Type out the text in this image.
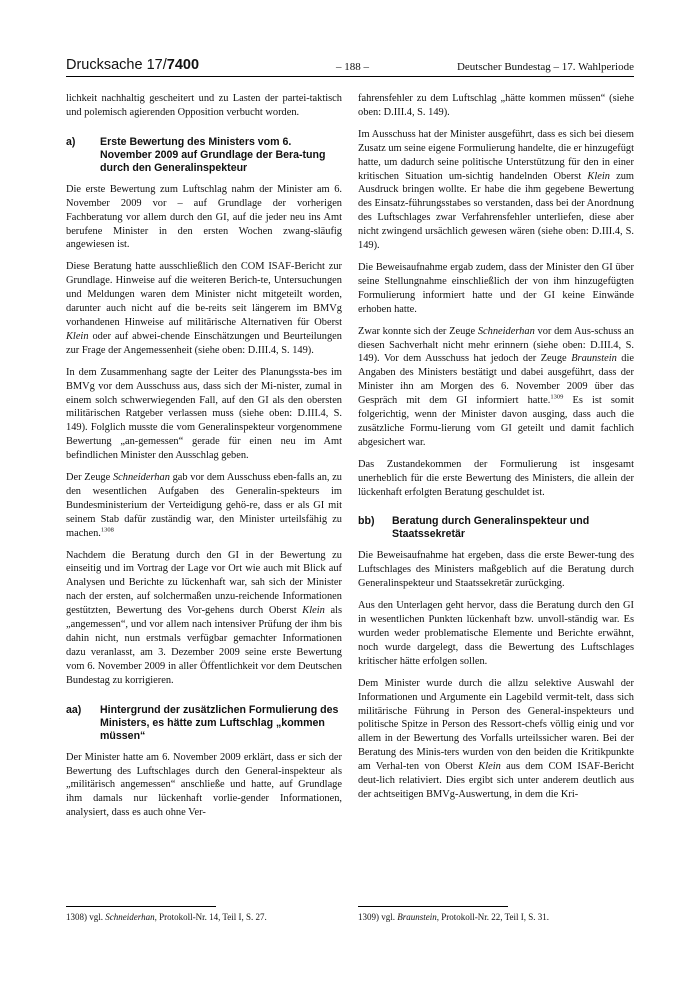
Drucksache 17/7400	– 188 –	Deutscher Bundestag – 17. Wahlperiode

lichkeit nachhaltig gescheitert und zu Lasten der partei-taktisch und polemisch agierenden Opposition verbucht worden.

a)	Erste Bewertung des Ministers vom 6. November 2009 auf Grundlage der Bera-tung durch den Generalinspekteur

Die erste Bewertung zum Luftschlag nahm der Minister am 6. November 2009 vor – auf Grundlage der vorherigen Fachberatung vor allem durch den GI, auf die jeder neu ins Amt berufene Minister in den ersten Wochen zwang-släufig angewiesen ist.

Diese Beratung hatte ausschließlich den COM ISAF-Bericht zur Grundlage. Hinweise auf die weiteren Berich-te, Untersuchungen und Meldungen waren dem Minister nicht mitgeteilt worden, darunter auch nicht auf die be-reits seit längerem im BMVg vorhandenen Hinweise auf militärische Alternativen für Oberst Klein oder auf abwei-chende Einschätzungen und Beurteilungen zur Frage der Angemessenheit (siehe oben: D.III.4, S. 149).

In dem Zusammenhang sagte der Leiter des Planungssta-bes im BMVg vor dem Ausschuss aus, dass sich der Mi-nister, zumal in einem solch schwerwiegenden Fall, auf den GI als den obersten militärischen Ratgeber verlassen muss (siehe oben: D.III.4, S. 149). Folglich musste die vom Generalinspekteur vorgenommene Bewertung „an-gemessen“ gerade für einen neu im Amt befindlichen Minister den Ausschlag geben.

Der Zeuge Schneiderhan gab vor dem Ausschuss eben-falls an, zu den wesentlichen Aufgaben des Generalin-spekteurs im Bundesministerium der Verteidigung gehö-re, dass er als GI mit seinem Stab dafür zuständig war, den Minister urteilsfähig zu machen.$^{1308}$

Nachdem die Beratung durch den GI in der Bewertung zu einseitig und im Vortrag der Lage vor Ort wie auch mit Blick auf Analysen und Berichte zu lückenhaft war, sah sich der Minister nach der ersten, auf solchermaßen unzu-reichende Informationen gestützten, Bewertung des Vor-gehens durch Oberst Klein als „angemessen“, und vor allem nach intensiver Prüfung der ihm bis dahin nicht, nun erstmals verfügbar gemachter Informationen dazu veranlasst, am 3. Dezember 2009 seine erste Bewertung vom 6. November 2009 in aller Öffentlichkeit vor dem Deutschen Bundestag zu korrigieren.

aa)	Hintergrund der zusätzlichen Formulierung des Ministers, es hätte zum Luftschlag „kommen müssen“

Der Minister hatte am 6. November 2009 erklärt, dass er sich der Bewertung des Luftschlages durch den General-inspekteur als „militärisch angemessen“ anschließe und hatte, auf Grundlage ihm damals nur lückenhaft vorlie-gender Informationen, analysiert, dass es auch ohne Ver-

fahrensfehler zu dem Luftschlag „hätte kommen müssen“ (siehe oben: D.III.4, S. 149).

Im Ausschuss hat der Minister ausgeführt, dass es sich bei diesem Zusatz um seine eigene Formulierung handelte, die er hinzugefügt hatte, um dadurch seine politische Unterstützung für den in einer kritischen Situation um-sichtig handelnden Oberst Klein zum Ausdruck bringen wollte. Er habe die ihm gegebene Bewertung des Einsatz-führungsstabes so verstanden, dass bei der Anordnung des Luftschlages zwar Verfahrensfehler unterliefen, diese aber nicht zwingend ursächlich gewesen wären (siehe oben: D.III.4, S. 149).

Die Beweisaufnahme ergab zudem, dass der Minister den GI über seine Stellungnahme einschließlich der von ihm hinzugefügten Formulierung informiert hatte und der GI keine Einwände erhoben hatte.

Zwar konnte sich der Zeuge Schneiderhan vor dem Aus-schuss an diesen Sachverhalt nicht mehr erinnern (siehe oben: D.III.4, S. 149). Vor dem Ausschuss hat jedoch der Zeuge Braunstein die Angaben des Ministers bestätigt und dabei ausgeführt, dass der Minister ihn am Morgen des 6. November 2009 über das Gespräch mit dem GI informiert hatte.$^{1309}$ Es ist somit folgerichtig, wenn der Minister davon ausging, dass auch die zusätzliche Formu-lierung vom GI geteilt und damit fachlich abgesichert war.

Das Zustandekommen der Formulierung ist insgesamt unerheblich für die erste Bewertung des Ministers, die allein der lückenhaft erfolgten Beratung geschuldet ist.

bb)	Beratung durch Generalinspekteur und Staatssekretär

Die Beweisaufnahme hat ergeben, dass die erste Bewer-tung des Luftschlages des Ministers maßgeblich auf die Beratung durch Generalinspekteur und Staatssekretär zurückging.

Aus den Unterlagen geht hervor, dass die Beratung durch den GI in wesentlichen Punkten lückenhaft bzw. unvoll-ständig war. Es wurden weder problematische Elemente und Berichte erwähnt, noch wurde dargelegt, dass die Bewertung des Luftschlages kritischer hätte erfolgen sollen.

Dem Minister wurde durch die allzu selektive Auswahl der Informationen und Argumente ein Lagebild vermit-telt, dass sich militärische Führung in Person des General-inspekteurs und politische Spitze in Person des Ressort-chefs völlig einig und vor allem in der Bewertung des Vorfalls urteilssicher waren. Bei der Beratung des Minis-ters wurden von den beiden die Kritikpunkte am Verhal-ten von Oberst Klein aus dem COM ISAF-Bericht deut-lich relativiert. Dies ergibt sich unter anderem deutlich aus der achtseitigen BMVg-Auswertung, in dem die Kri-

1308) vgl. Schneiderhan, Protokoll-Nr. 14, Teil I, S. 27.	1309) vgl. Braunstein, Protokoll-Nr. 22, Teil I, S. 31.
